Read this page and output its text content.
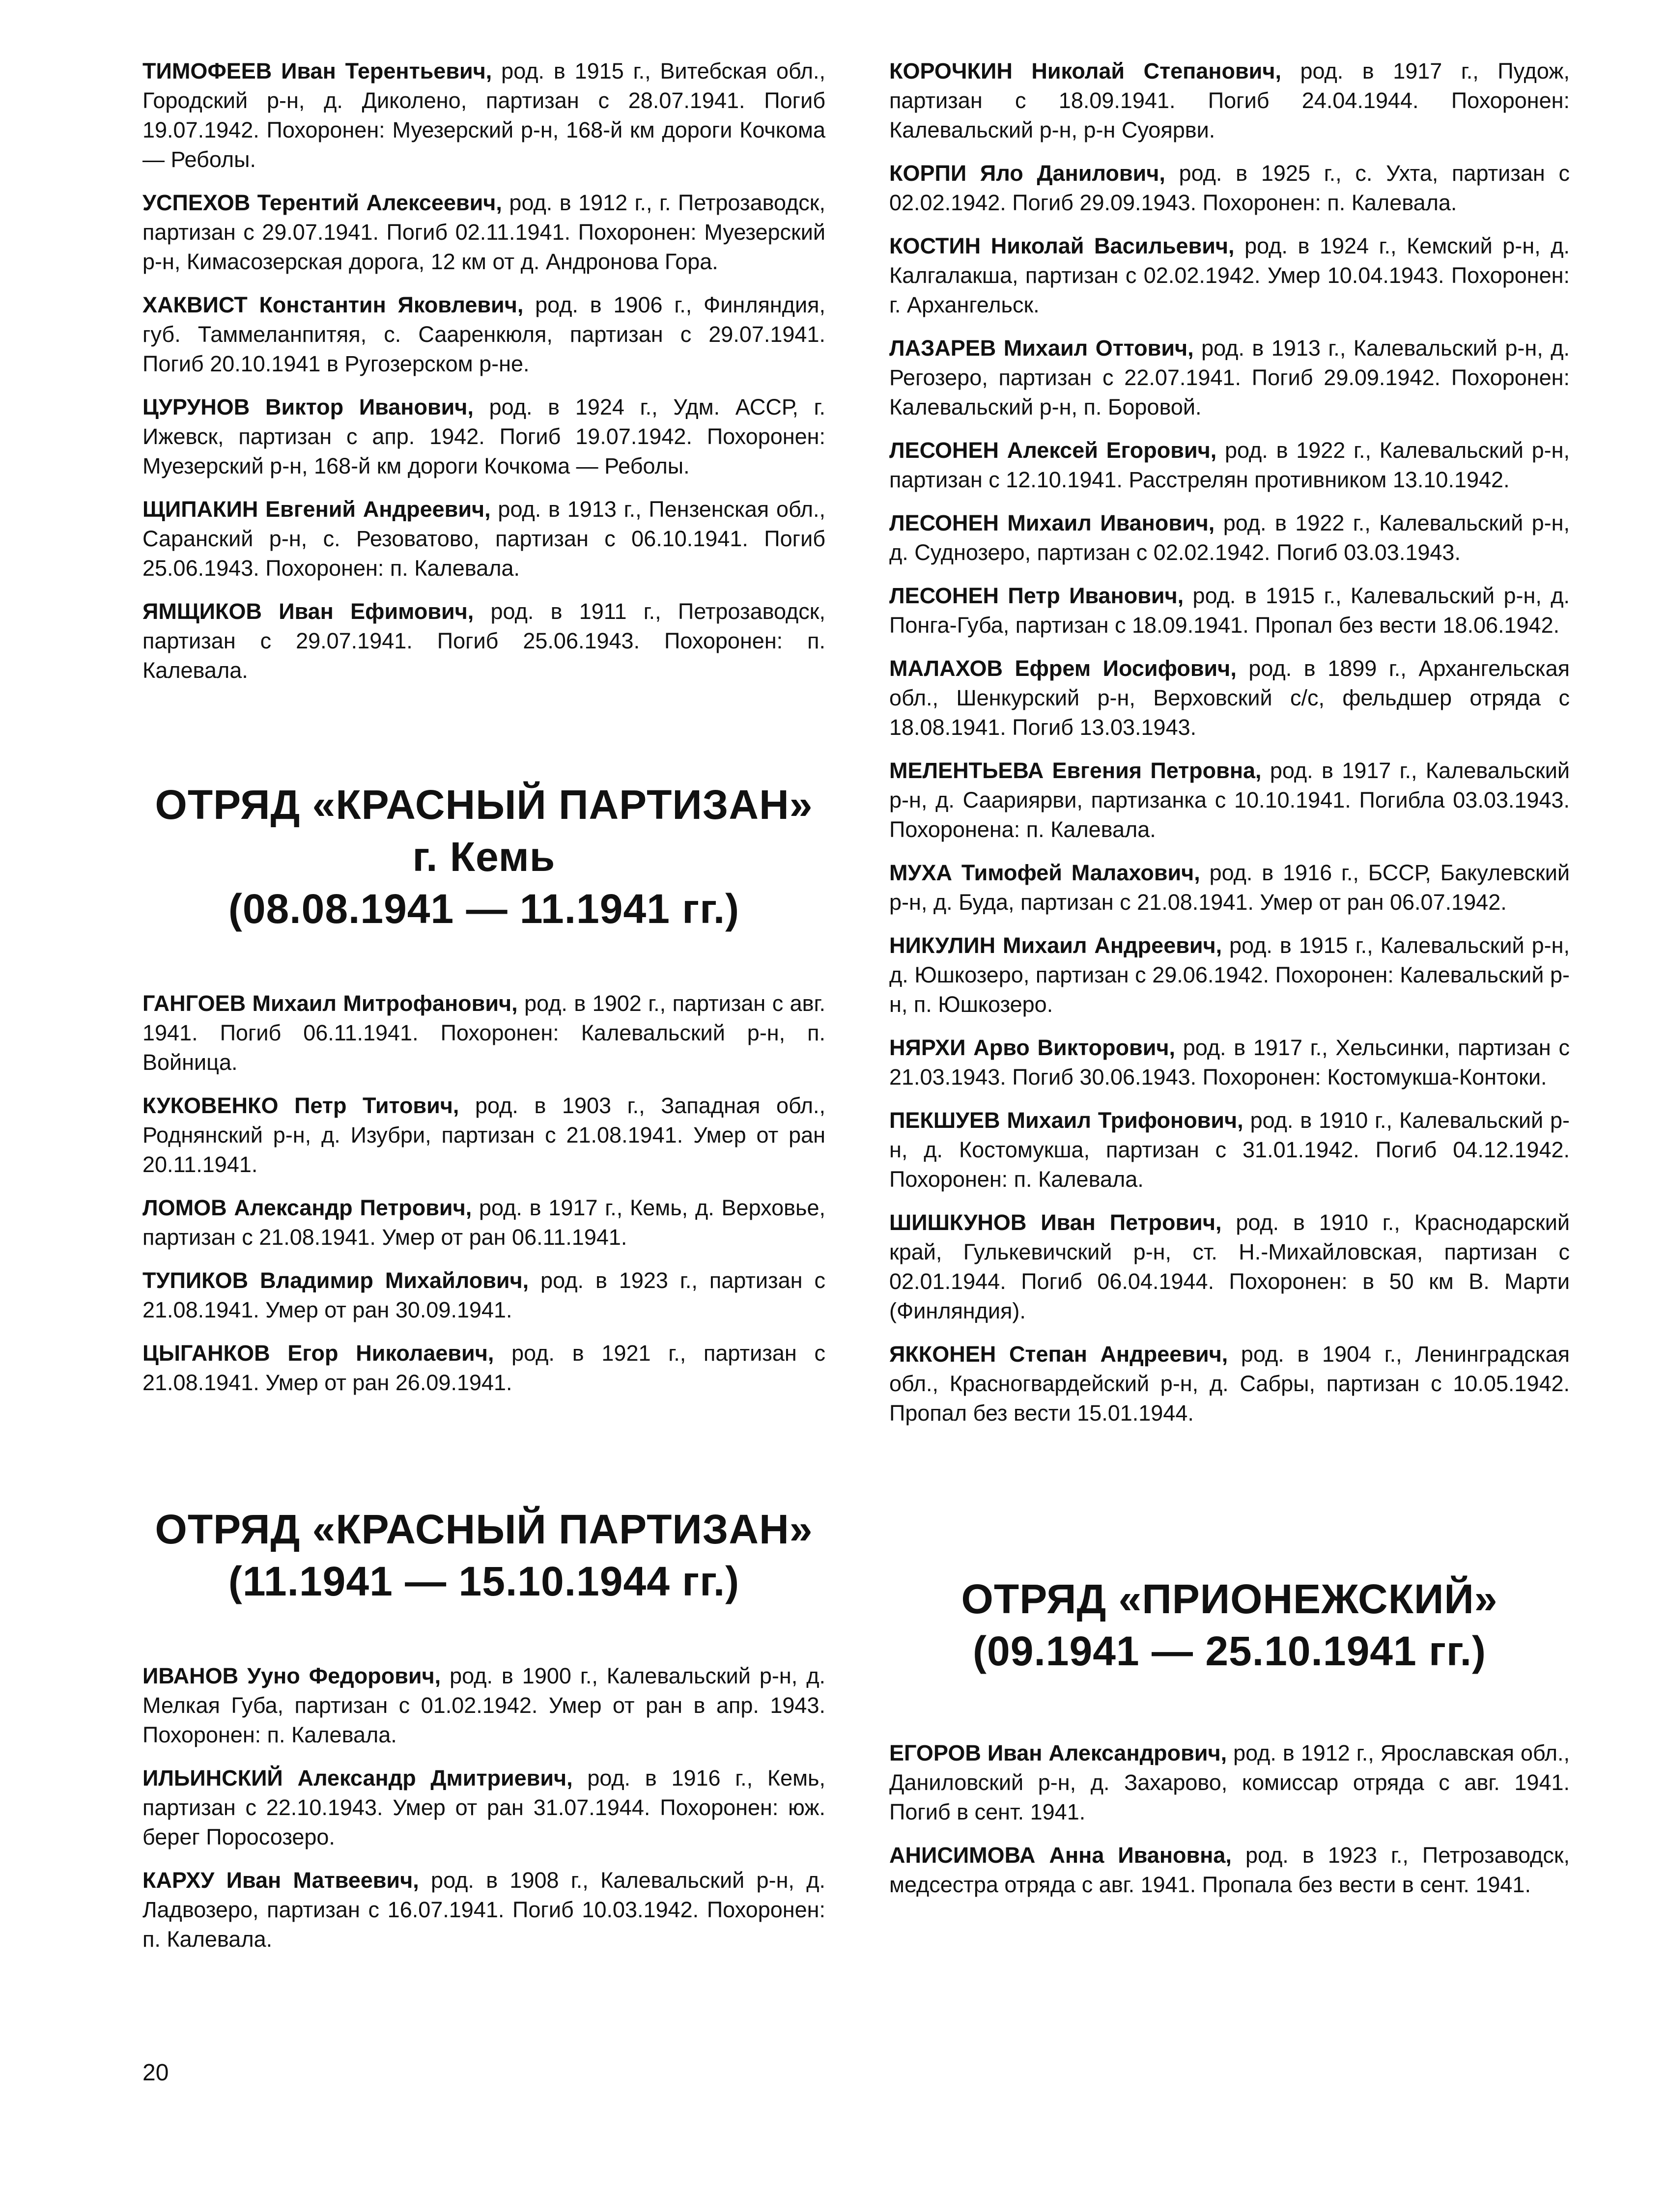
ТИМОФЕЕВ Иван Терентьевич, род. в 1915 г., Витебская обл., Городский р-н, д. Диколено, партизан с 28.07.1941. Погиб 19.07.1942. Похоронен: Муезерский р-н, 168-й км дороги Кочкома — Реболы.

УСПЕХОВ Терентий Алексеевич, род. в 1912 г., г. Петрозаводск, партизан с 29.07.1941. Погиб 02.11.1941. Похоронен: Муезерский р-н, Кимасозерская дорога, 12 км от д. Андронова Гора.

ХАКВИСТ Константин Яковлевич, род. в 1906 г., Финляндия, губ. Таммеланпитяя, с. Саарeнкюля, партизан с 29.07.1941. Погиб 20.10.1941 в Ругозерском р-не.

ЦУРУНОВ Виктор Иванович, род. в 1924 г., Удм. АССР, г. Ижевск, партизан с апр. 1942. Погиб 19.07.1942. Похоронен: Муезерский р-н, 168-й км дороги Кочкома — Реболы.

ЩИПАКИН Евгений Андреевич, род. в 1913 г., Пензенская обл., Саранский р-н, с. Резоватово, партизан с 06.10.1941. Погиб 25.06.1943. Похоронен: п. Калевала.

ЯМЩИКОВ Иван Ефимович, род. в 1911 г., Петрозаводск, партизан с 29.07.1941. Погиб 25.06.1943. Похоронен: п. Калевала.

ОТРЯД «КРАСНЫЙ ПАРТИЗАН»
г. Кемь
(08.08.1941 — 11.1941 гг.)

ГАНГОЕВ Михаил Митрофанович, род. в 1902 г., партизан с авг. 1941. Погиб 06.11.1941. Похоронен: Калевальский р-н, п. Войница.

КУКОВЕНКО Петр Титович, род. в 1903 г., Западная обл., Роднянский р-н, д. Изубри, партизан с 21.08.1941. Умер от ран 20.11.1941.

ЛОМОВ Александр Петрович, род. в 1917 г., Кемь, д. Верховье, партизан с 21.08.1941. Умер от ран 06.11.1941.

ТУПИКОВ Владимир Михайлович, род. в 1923 г., партизан с 21.08.1941. Умер от ран 30.09.1941.

ЦЫГАНКОВ Егор Николаевич, род. в 1921 г., партизан с 21.08.1941. Умер от ран 26.09.1941.

ОТРЯД «КРАСНЫЙ ПАРТИЗАН»
(11.1941 — 15.10.1944 гг.)

ИВАНОВ Ууно Федорович, род. в 1900 г., Калевальский р-н, д. Мелкая Губа, партизан с 01.02.1942. Умер от ран в апр. 1943. Похоронен: п. Калевала.

ИЛЬИНСКИЙ Александр Дмитриевич, род. в 1916 г., Кемь, партизан с 22.10.1943. Умер от ран 31.07.1944. Похоронен: юж. берег Поросозеро.

КАРХУ Иван Матвеевич, род. в 1908 г., Калевальский р-н, д. Ладвозеро, партизан с 16.07.1941. Погиб 10.03.1942. Похоронен: п. Калевала.

КОРОЧКИН Николай Степанович, род. в 1917 г., Пудож, партизан с 18.09.1941. Погиб 24.04.1944. Похоронен: Калевальский р-н, р-н Суоярви.

КОРПИ Яло Данилович, род. в 1925 г., с. Ухта, партизан с 02.02.1942. Погиб 29.09.1943. Похоронен: п. Калевала.

КОСТИН Николай Васильевич, род. в 1924 г., Кемский р-н, д. Калгалакша, партизан с 02.02.1942. Умер 10.04.1943. Похоронен: г. Архангельск.

ЛАЗАРЕВ Михаил Оттович, род. в 1913 г., Калевальский р-н, д. Регозеро, партизан с 22.07.1941. Погиб 29.09.1942. Похоронен: Калевальский р-н, п. Боровой.

ЛЕСОНЕН Алексей Егорович, род. в 1922 г., Калевальский р-н, партизан с 12.10.1941. Расстрелян противником 13.10.1942.

ЛЕСОНЕН Михаил Иванович, род. в 1922 г., Калевальский р-н, д. Суднозеро, партизан с 02.02.1942. Погиб 03.03.1943.

ЛЕСОНЕН Петр Иванович, род. в 1915 г., Калевальский р-н, д. Понга-Губа, партизан с 18.09.1941. Пропал без вести 18.06.1942.

МАЛАХОВ Ефрем Иосифович, род. в 1899 г., Архангельская обл., Шенкурский р-н, Верховский с/с, фельдшер отряда с 18.08.1941. Погиб 13.03.1943.

МЕЛЕНТЬЕВА Евгения Петровна, род. в 1917 г., Калевальский р-н, д. Саариярви, партизанка с 10.10.1941. Погибла 03.03.1943. Похоронена: п. Калевала.

МУХА Тимофей Малахович, род. в 1916 г., БССР, Бакулевский р-н, д. Буда, партизан с 21.08.1941. Умер от ран 06.07.1942.

НИКУЛИН Михаил Андреевич, род. в 1915 г., Калевальский р-н, д. Юшкозеро, партизан с 29.06.1942. Похоронен: Калевальский р-н, п. Юшкозеро.

НЯРХИ Арво Викторович, род. в 1917 г., Хельсинки, партизан с 21.03.1943. Погиб 30.06.1943. Похоронен: Костомукша-Контоки.

ПЕКШУЕВ Михаил Трифонович, род. в 1910 г., Калевальский р-н, д. Костомукша, партизан с 31.01.1942. Погиб 04.12.1942. Похоронен: п. Калевала.

ШИШКУНОВ Иван Петрович, род. в 1910 г., Краснодарский край, Гулькевичский р-н, ст. Н.-Михайловская, партизан с 02.01.1944. Погиб 06.04.1944. Похоронен: в 50 км В. Марти (Финляндия).

ЯККОНЕН Степан Андреевич, род. в 1904 г., Ленинградская обл., Красногвардейский р-н, д. Сабры, партизан с 10.05.1942. Пропал без вести 15.01.1944.

ОТРЯД «ПРИОНЕЖСКИЙ»
(09.1941 — 25.10.1941 гг.)

ЕГОРОВ Иван Александрович, род. в 1912 г., Ярославская обл., Даниловский р-н, д. Захарово, комиссар отряда с авг. 1941. Погиб в сент. 1941.

АНИСИМОВА Анна Ивановна, род. в 1923 г., Петрозаводск, медсестра отряда с авг. 1941. Пропала без вести в сент. 1941.

20
